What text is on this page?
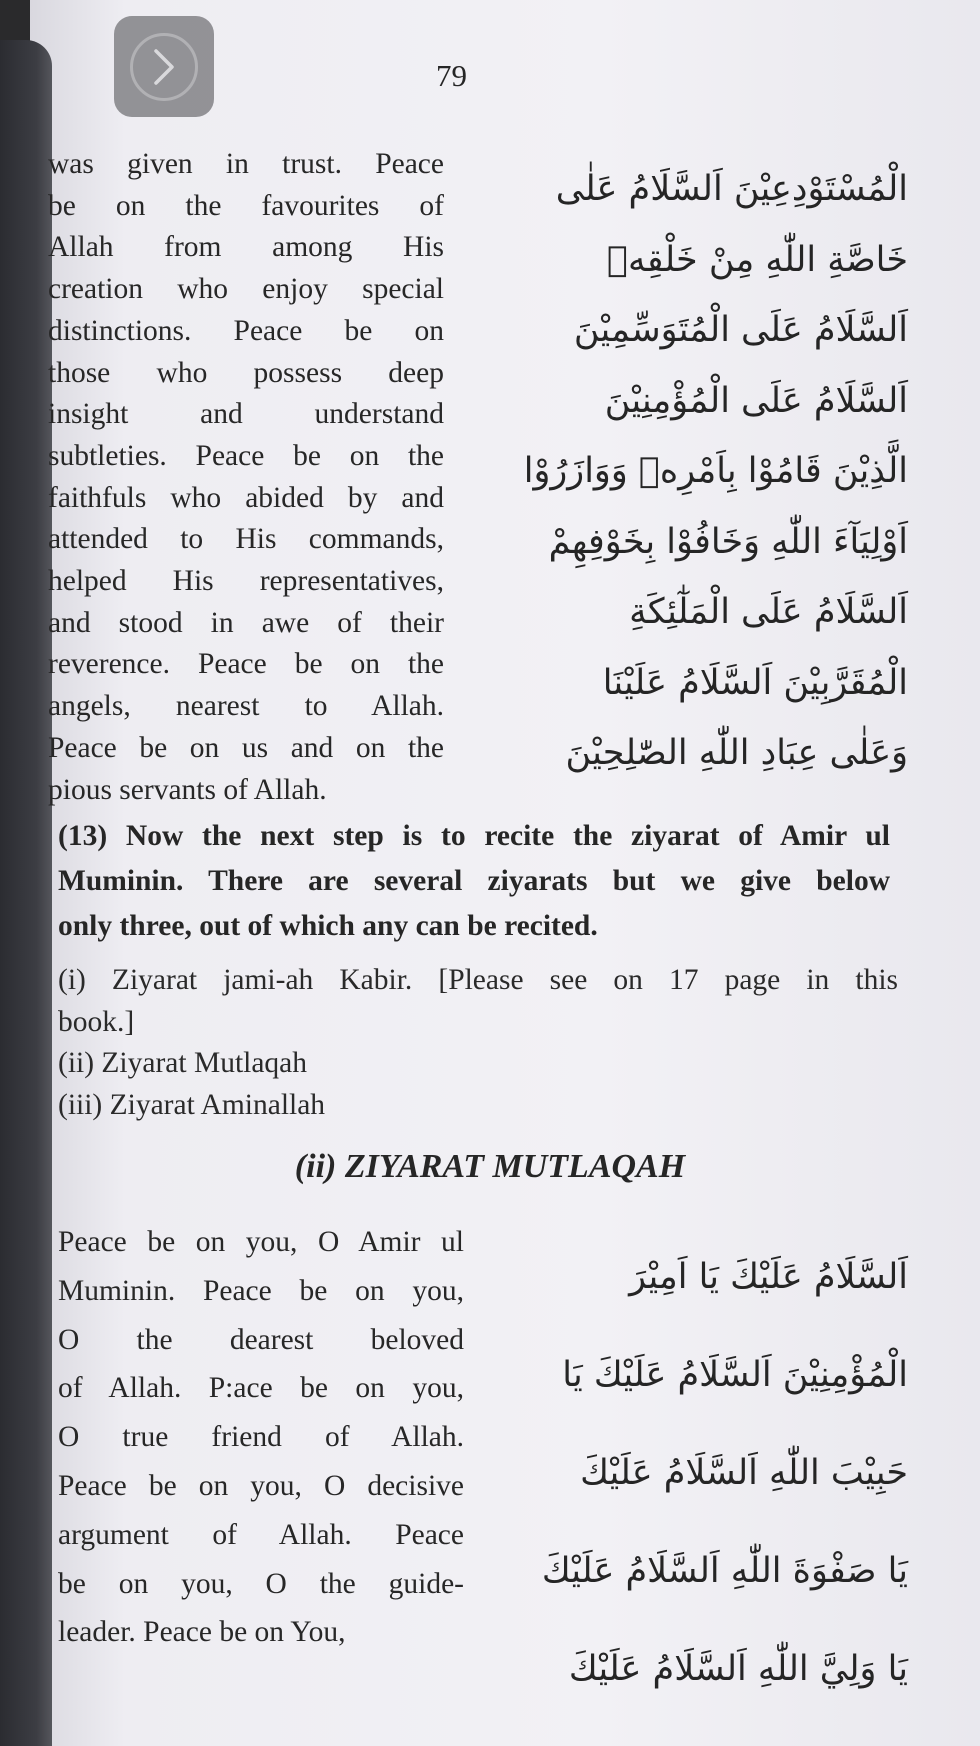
79

was given in trust. Peace
be on the favourites of
Allah from among His
creation who enjoy special
distinctions. Peace be on
those who possess deep
insight and understand
subtleties. Peace be on the
faithfuls who abided by and
attended to His commands,
helped His representatives,
and stood in awe of their
reverence. Peace be on the
angels, nearest to Allah.
Peace be on us and on the
pious servants of Allah.

الْمُسْتَوْدِعِيْنَ اَلسَّلَامُ عَلٰى
خَاصَّةِ اللّٰهِ مِنْ خَلْقِهٖ
اَلسَّلَامُ عَلَى الْمُتَوَسِّمِيْنَ
اَلسَّلَامُ عَلَى الْمُؤْمِنِيْنَ
الَّذِيْنَ قَامُوْا بِاَمْرِهٖ وَوَازَرُوْا
اَوْلِيَآءَ اللّٰهِ وَخَافُوْا بِخَوْفِهِمْ
اَلسَّلَامُ عَلَى الْمَلٰٓئِكَةِ
الْمُقَرَّبِيْنَ اَلسَّلَامُ عَلَيْنَا
وَعَلٰى عِبَادِ اللّٰهِ الصّٰلِحِيْنَ

(13) Now the next step is to recite the ziyarat of Amir ul
Muminin. There are several ziyarats but we give below
only three, out of which any can be recited.

(i) Ziyarat jami-ah Kabir. [Please see on 17 page in this
book.]
(ii) Ziyarat Mutlaqah
(iii) Ziyarat Aminallah
(ii) ZIYARAT MUTLAQAH

Peace be on you, O Amir ul
Muminin. Peace be on you,
O the dearest beloved
of Allah. P:ace be on you,
O true friend of Allah.
Peace be on you, O decisive
argument of Allah. Peace
be on you, O the guide-
leader. Peace be on You,

اَلسَّلَامُ عَلَيْكَ يَا اَمِيْرَ
الْمُؤْمِنِيْنَ اَلسَّلَامُ عَلَيْكَ يَا
حَبِيْبَ اللّٰهِ اَلسَّلَامُ عَلَيْكَ
يَا صَفْوَةَ اللّٰهِ اَلسَّلَامُ عَلَيْكَ
يَا وَلِيَّ اللّٰهِ اَلسَّلَامُ عَلَيْكَ
